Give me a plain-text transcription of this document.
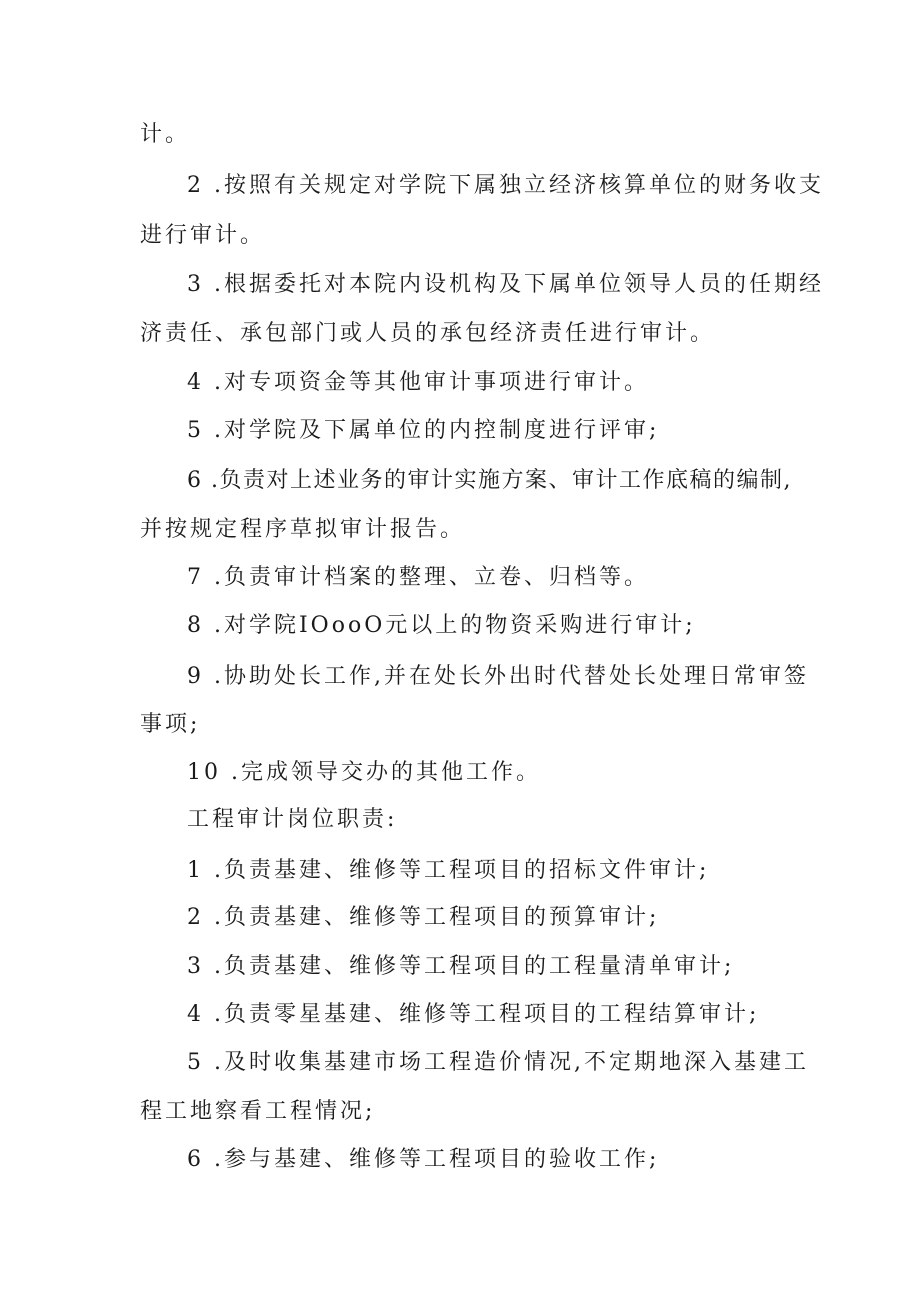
计。
2 .按照有关规定对学院下属独立经济核算单位的财务收支
进行审计。
3 .根据委托对本院内设机构及下属单位领导人员的任期经
济责任、承包部门或人员的承包经济责任进行审计。
4 .对专项资金等其他审计事项进行审计。
5 .对学院及下属单位的内控制度进行评审;
6 .负责对上述业务的审计实施方案、审计工作底稿的编制,
并按规定程序草拟审计报告。
7 .负责审计档案的整理、立卷、归档等。
8 .对学院IOooO元以上的物资采购进行审计;
9 .协助处长工作,并在处长外出时代替处长处理日常审签
事项;
10 .完成领导交办的其他工作。
工程审计岗位职责:
1 .负责基建、维修等工程项目的招标文件审计;
2 .负责基建、维修等工程项目的预算审计;
3 .负责基建、维修等工程项目的工程量清单审计;
4 .负责零星基建、维修等工程项目的工程结算审计;
5 .及时收集基建市场工程造价情况,不定期地深入基建工
程工地察看工程情况;
6 .参与基建、维修等工程项目的验收工作;
